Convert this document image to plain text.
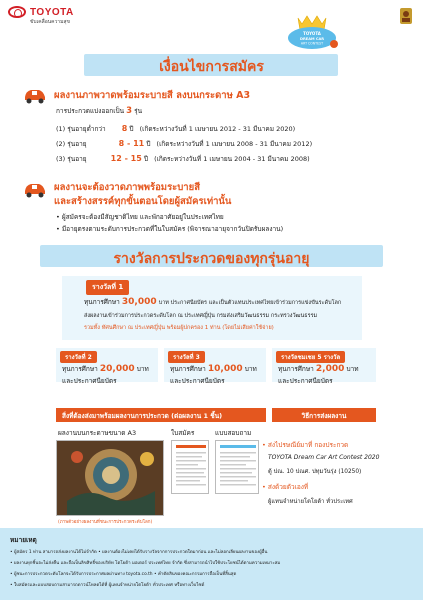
TOYOTA
ขับเคลื่อนความสุข
TOYOTA
DREAM CAR
ART CONTEST
เงื่อนไขการสมัคร
ผลงานภาพวาดพร้อมระบายสี ลงบนกระดาษ A3
การประกวดแบ่งออกเป็น 3 รุ่น
(1) รุ่นอายุต่ำกว่า 8 ปี (เกิดระหว่างวันที่ 1 เมษายน 2012 - 31 มีนาคม 2020)
(2) รุ่นอายุ	8 - 11 ปี (เกิดระหว่างวันที่ 1 เมษายน 2008 - 31 มีนาคม 2012)
(3) รุ่นอายุ	12 - 15 ปี (เกิดระหว่างวันที่ 1 เมษายน 2004 - 31 มีนาคม 2008)
ผลงานจะต้องวาดภาพพร้อมระบายสี
และสร้างสรรค์ทุกขั้นตอนโดยผู้สมัครเท่านั้น
• ผู้สมัครจะต้องมีสัญชาติไทย และพักอาศัยอยู่ในประเทศไทย
• มีอายุตรงตามระดับการประกวดที่ในใบสมัคร (พิจารณาอายุจากวันปิดรับผลงาน)
รางวัลการประกวดของทุกรุ่นอายุ
รางวัลที่ 1
ทุนการศึกษา 30,000 บาท ประกาศนียบัตร และเป็นตัวแทนประเทศไทยเข้าร่วมการแข่งขันระดับโลก
ส่งผลงานเข้าร่วมการประกวดระดับโลก ณ ประเทศญี่ปุ่น กรมส่งเสริมวัฒนธรรม กระทรวงวัฒนธรรม
รวมทั้ง ทัศนศึกษา ณ ประเทศญี่ปุ่น พร้อมผู้ปกครอง 1 ท่าน (โดยไม่เสียค่าใช้จ่าย)
รางวัลที่ 2
ทุนการศึกษา 20,000 บาท
และประกาศนียบัตร
รางวัลที่ 3
ทุนการศึกษา 10,000 บาท
และประกาศนียบัตร
รางวัลชมเชย 5 รางวัล
ทุนการศึกษา 2,000 บาท
และประกาศนียบัตร
สิ่งที่ต้องส่งมาพร้อมผลงานการประกวด (ต่อผลงาน 1 ชิ้น)
ผลงานบนกระดาษขนาด A3	ใบสมัคร	แบบสอบถาม
(ภาพตัวอย่างผลงานที่ชนะการประกวดระดับโลก)
วิธีการส่งผลงาน
• ส่งไปรษณีย์มาที่ กองประกวด
TOYOTA Dream Car Art Contest 2020
ตู้ ปณ. 10 ปณศ. ปทุมวันรุ่ง (10250)
• ส่งด้วยตัวเองที่
ผู้แทนจำหน่ายโตโยต้า ทั่วประเทศ
หมายเหตุ
• ผู้สมัคร 1 ท่าน สามารถส่งผลงานได้ไม่จำกัด • ผลงานต้องไม่เคยได้รับรางวัลจากการประกวดใดมาก่อน และไม่ลอกเลียนผลงานของผู้อื่น
• ผลงานทุกชิ้นจะไม่ส่งคืน และถือเป็นลิขสิทธิ์ของบริษัท โตโยต้า มอเตอร์ ประเทศไทย จำกัด ซึ่งสามารถนำไปใช้ประโยชน์ได้ตามความเหมาะสม
• ผู้ชนะการประกวดระดับโลกจะได้รับการประกาศผลผ่านทาง toyota.co.th • คำตัดสินของคณะกรรมการถือเป็นที่สิ้นสุด
• ใบสมัครและแบบสอบถามสามารถดาวน์โหลดได้ที่ ผู้แทนจำหน่ายโตโยต้า ทั่วประเทศ หรือทางเว็บไซต์
